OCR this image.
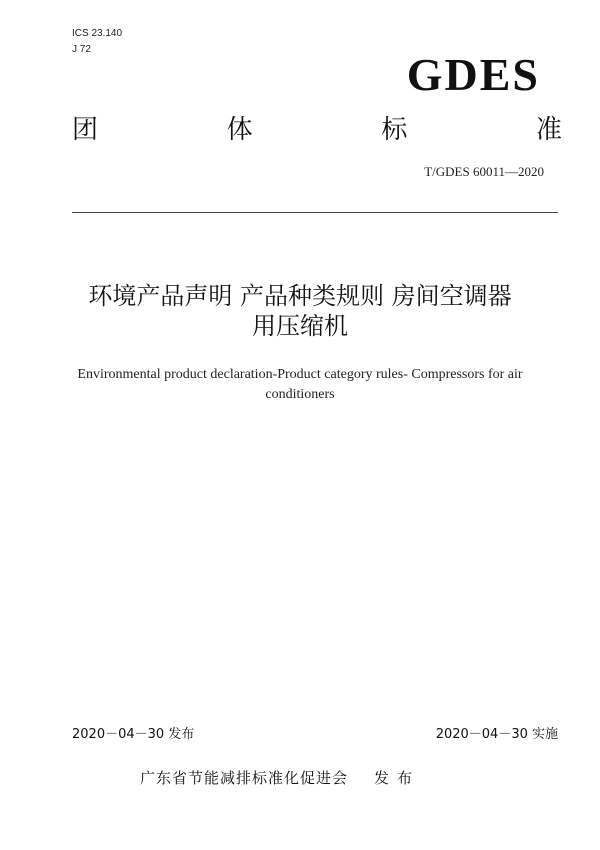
ICS 23.140
J 72	GDES
团	体	标	准
T/GDES 60011—2020
环境产品声明 产品种类规则 房间空调器
用压缩机
Environmental product declaration-Product category rules- Compressors for air
conditioners
2020－04－30 发布	2020－04－30 实施
广东省节能减排标准化促进会 发布
